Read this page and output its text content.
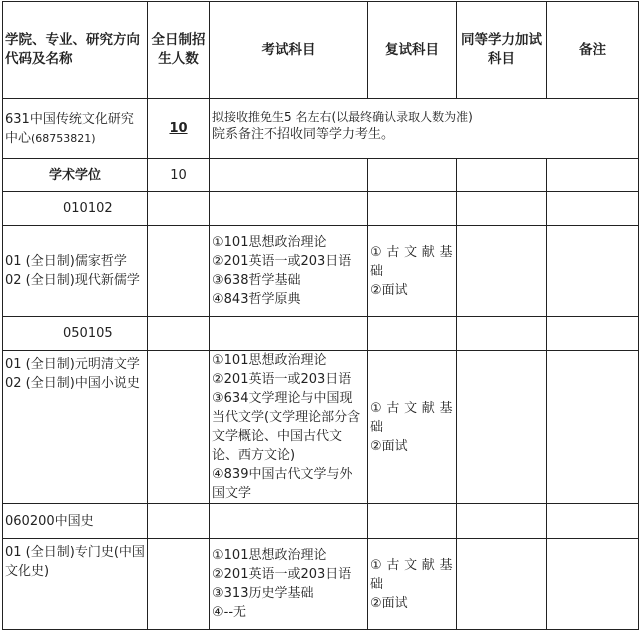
学院、专业、研究方向代码及名称	全日制招生人数	考试科目	复试科目	同等学力加试科目	备注
631中国传统文化研究中心(68753821)	10	拟接收推免生5 名左右(以最终确认录取人数为准)
院系备注不招收同等学力考生。			

学术学位	10				
010102					

01 (全日制)儒家哲学
02 (全日制)现代新儒学		①101思想政治理论
②201英语一或203日语
③638哲学基础
④843哲学原典	①古文献基础
②面试		

050105					

01 (全日制)元明清文学
02 (全日制)中国小说史		①101思想政治理论
②201英语一或203日语
③634文学理论与中国现当代文学(文学理论部分含文学概论、中国古代文论、西方文论)
④839中国古代文学与外国文学	①古文献基础
②面试		

060200中国史					

01 (全日制)专门史(中国文化史)		①101思想政治理论
②201英语一或203日语
③313历史学基础
④--无	①古文献基础
②面试		
